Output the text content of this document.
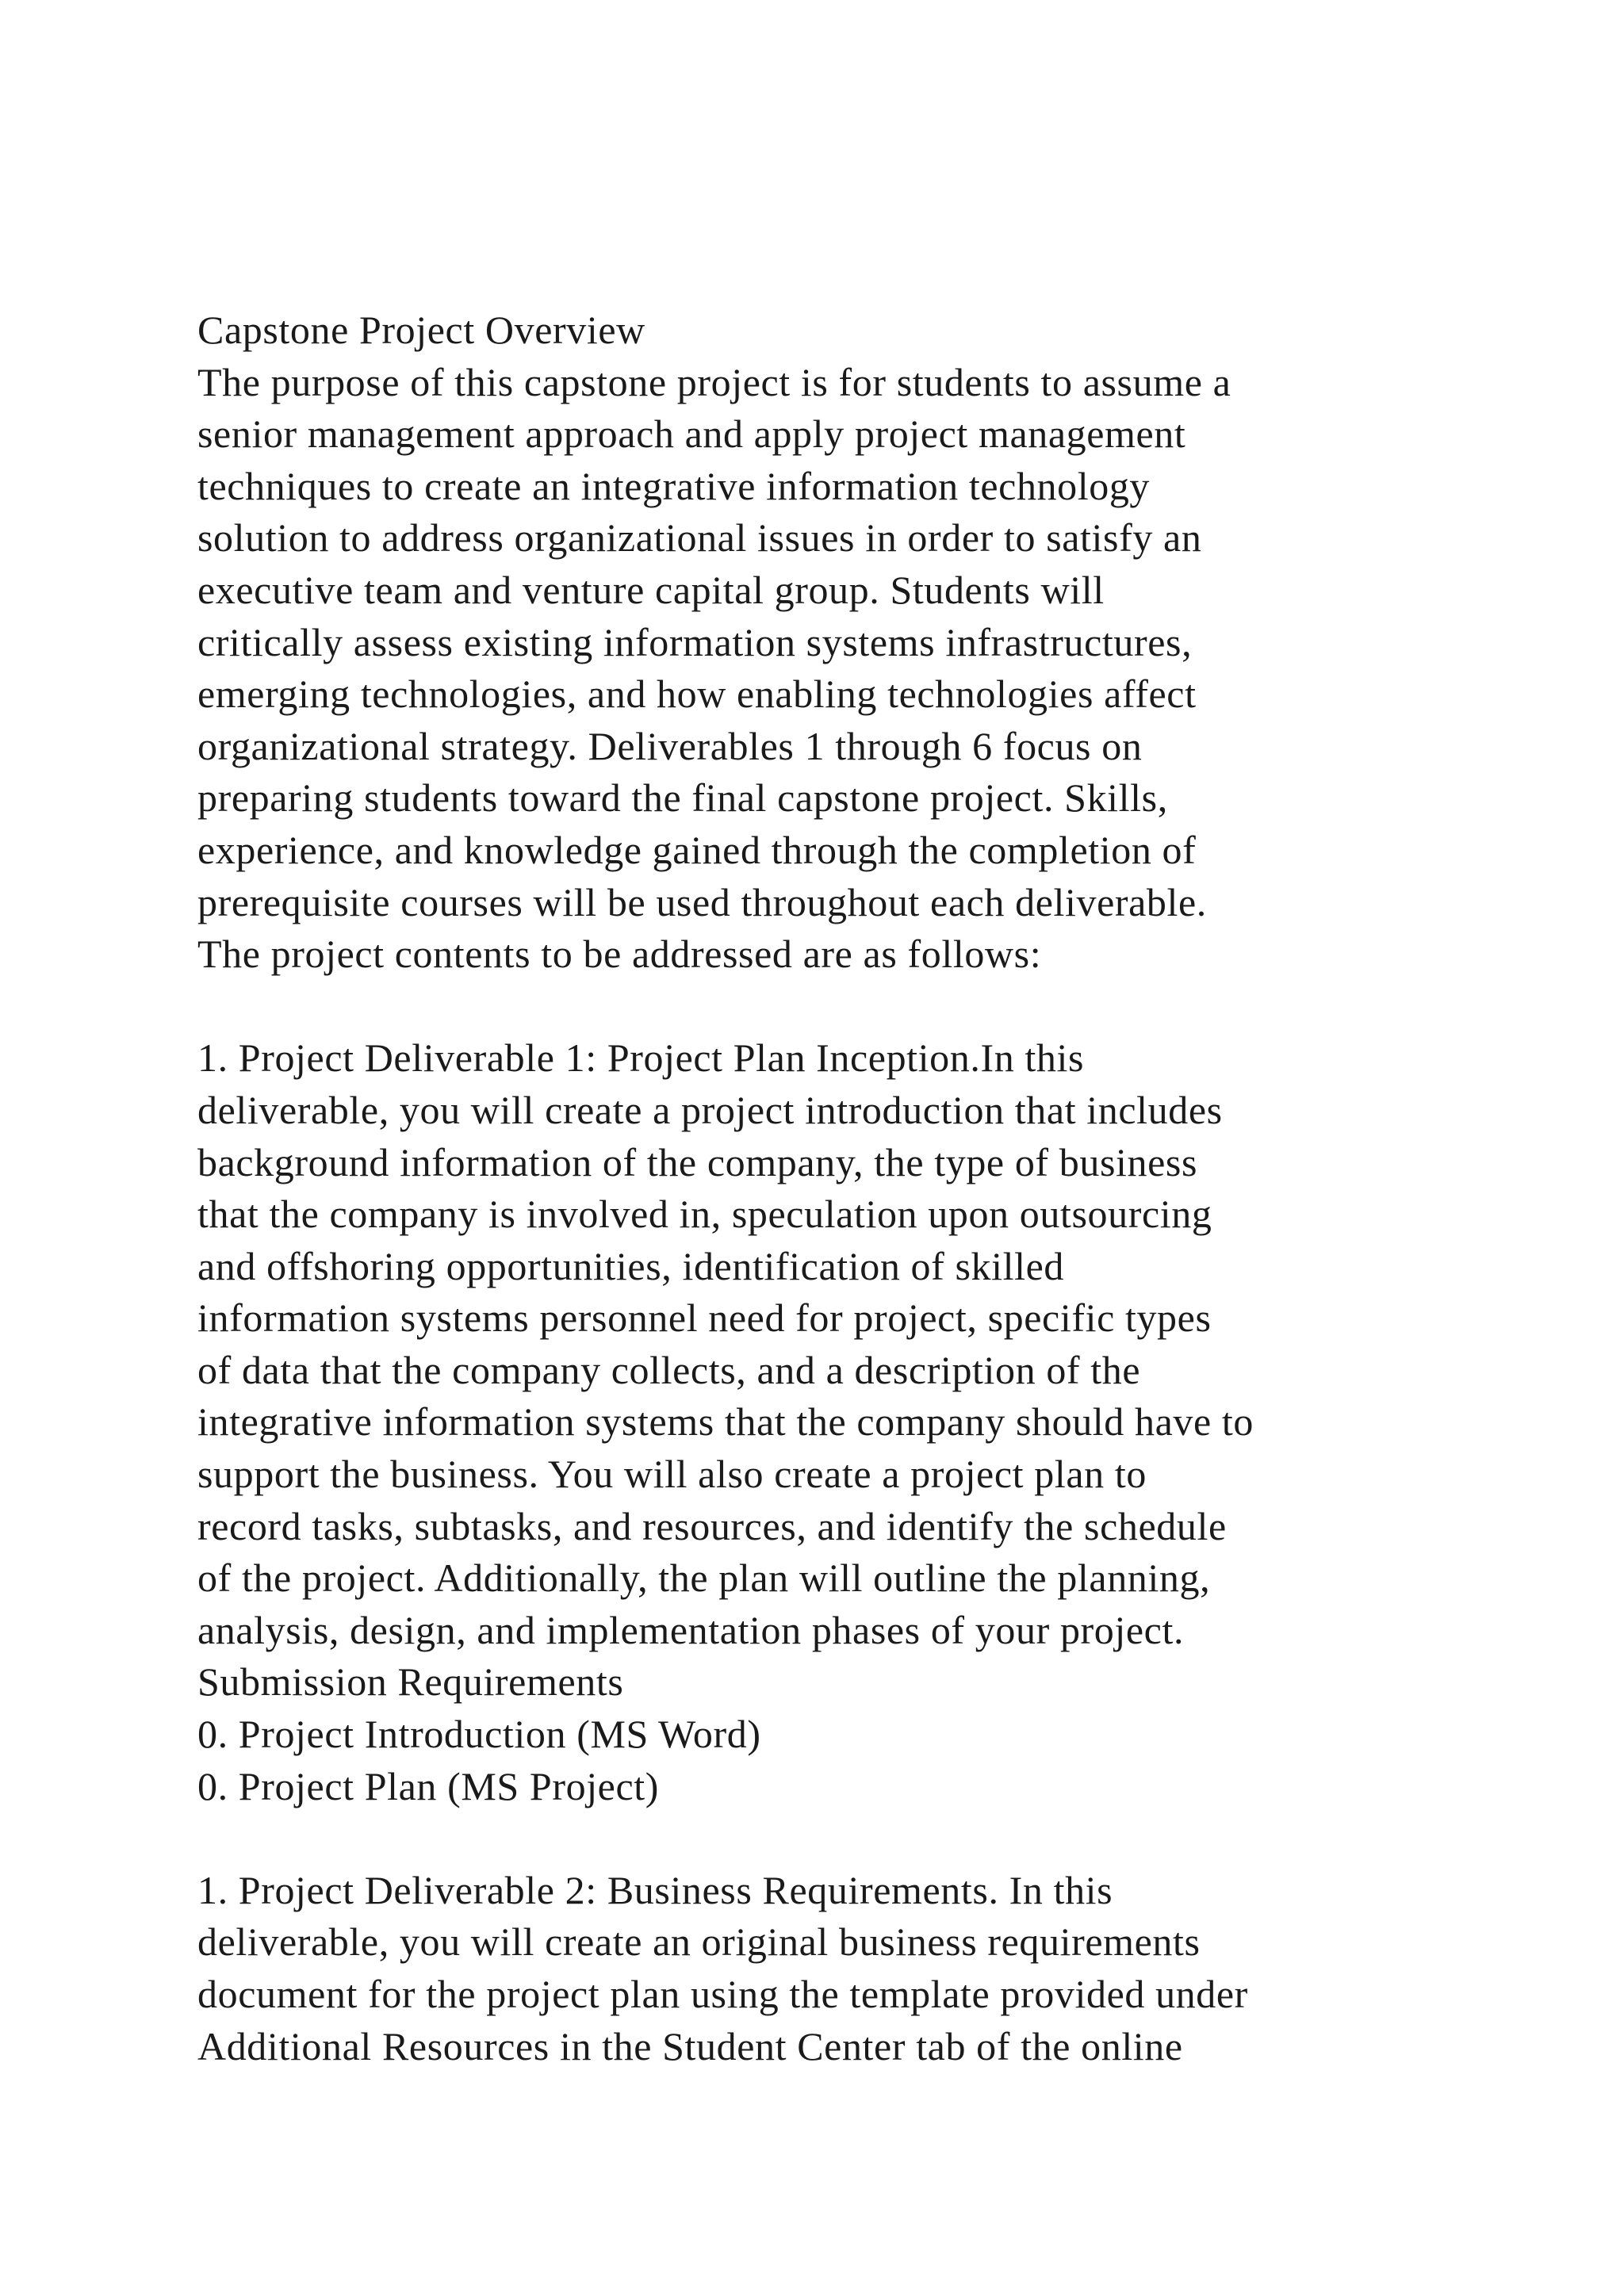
Capstone Project Overview
The purpose of this capstone project is for students to assume a
senior management approach and apply project management
techniques to create an integrative information technology
solution to address organizational issues in order to satisfy an
executive team and venture capital group. Students will
critically assess existing information systems infrastructures,
emerging technologies, and how enabling technologies affect
organizational strategy. Deliverables 1 through 6 focus on
preparing students toward the final capstone project. Skills,
experience, and knowledge gained through the completion of
prerequisite courses will be used throughout each deliverable.
The project contents to be addressed are as follows:
1. Project Deliverable 1: Project Plan Inception.In this
deliverable, you will create a project introduction that includes
background information of the company, the type of business
that the company is involved in, speculation upon outsourcing
and offshoring opportunities, identification of skilled
information systems personnel need for project, specific types
of data that the company collects, and a description of the
integrative information systems that the company should have to
support the business. You will also create a project plan to
record tasks, subtasks, and resources, and identify the schedule
of the project. Additionally, the plan will outline the planning,
analysis, design, and implementation phases of your project.
Submission Requirements
0. Project Introduction (MS Word)
0. Project Plan (MS Project)
1. Project Deliverable 2: Business Requirements. In this
deliverable, you will create an original business requirements
document for the project plan using the template provided under
Additional Resources in the Student Center tab of the online
